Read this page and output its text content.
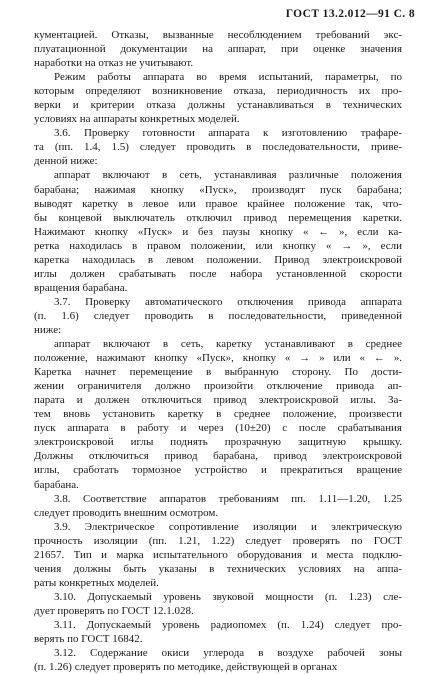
ГОСТ 13.2.012—91 С. 8
кументацией. Отказы, вызванные несоблюдением требований экс-
плуатационной документации на аппарат, при оценке значения
наработки на отказ не учитывают.
Режим работы аппарата во время испытаний, параметры, по
которым определяют возникновение отказа, периодичность их про-
верки и критерии отказа должны устанавливаться в технических
условиях на аппараты конкретных моделей.
3.6. Проверку готовности аппарата к изготовлению трафаре-
та (пп. 1.4, 1.5) следует проводить в последовательности, приве-
денной ниже:
аппарат включают в сеть, устанавливая различные положения
барабана; нажимая кнопку «Пуск», производят пуск барабана;
выводят каретку в левое или правое крайнее положение так, что-
бы концевой выключатель отключил привод перемещения каретки.
Нажимают кнопку «Пуск» и без паузы кнопку « ← », если ка-
ретка находилась в правом положении, или кнопку « → », если
каретка находилась в левом положении. Привод электроискровой
иглы должен срабатывать после набора установленной скорости
вращения барабана.
3.7. Проверку автоматического отключения привода аппарата
(п. 1.6) следует проводить в последовательности, приведенной
ниже:
аппарат включают в сеть, каретку устанавливают в среднее
положение, нажимают кнопку «Пуск», кнопку « → » или « ← ».
Каретка начнет перемещение в выбранную сторону. По дости-
жении ограничителя должно произойти отключение привода ап-
парата и должен отключиться привод электроискровой иглы. За-
тем вновь установить каретку в среднее положение, произвести
пуск аппарата в работу и через (10±20) с после срабатывания
электроискровой иглы поднять прозрачную защитную крышку.
Должны отключиться привод барабана, привод электроискровой
иглы, сработать тормозное устройство и прекратиться вращение
барабана.
3.8. Соответствие аппаратов требованиям пп. 1.11—1.20, 1.25
следует проводить внешним осмотром.
3.9. Электрическое сопротивление изоляции и электрическую
прочность изоляции (пп. 1.21, 1.22) следует проверять по ГОСТ
21657. Тип и марка испытательного оборудования и места подклю-
чения должны быть указаны в технических условиях на аппа-
раты конкретных моделей.
3.10. Допускаемый уровень звуковой мощности (п. 1.23) сле-
дует проверять по ГОСТ 12.1.028.
3.11. Допускаемый уровень радиопомех (п. 1.24) следует про-
верять по ГОСТ 16842.
3.12. Содержание окиси углерода в воздухе рабочей зоны
(п. 1.26) следует проверять по методике, действующей в органах
